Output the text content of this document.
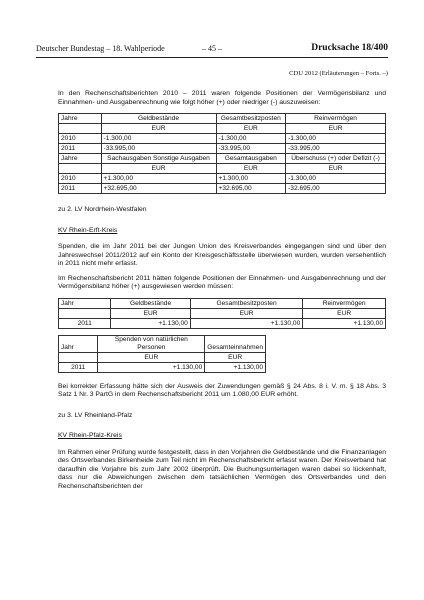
Deutscher Bundestag – 18. Wahlperiode	– 45 –	Drucksache 18/400
CDU 2012 (Erläuterungen – Forts. –)

In den Rechenschaftsberichten 2010 – 2011 waren folgende Positionen der Vermögensbilanz und Einnahmen- und Ausgabenrechnung wie folgt höher (+) oder niedriger (-) auszuweisen:

Jahre	Geldbestände	Gesamtbesitzposten	Reinvermögen
	EUR	EUR	EUR
2010	-1.300,00	-1.300,00	-1.300,00
2011	-33.995,00	-33.995,00	-33.995,00
Jahre	Sachausgaben Sonstige Ausgaben	Gesamtausgaben	Überschuss (+) oder Defizit (-)
	EUR	EUR	EUR
2010	+1.300,00	+1.300,00	-1.300,00
2011	+32.695,00	+32.695,00	-32.695,00

zu 2. LV Nordrhein-Westfalen

KV Rhein-Erft-Kreis

Spenden, die im Jahr 2011 bei der Jungen Union des Kreisverbandes eingegangen sind und über den Jahreswechsel 2011/2012 auf ein Konto der Kreisgeschäftsstelle überwiesen wurden, wurden versehentlich in 2011 nicht mehr erfasst.

Im Rechenschaftsbericht 2011 hätten folgende Positionen der Einnahmen- und Ausgabenrechnung und der Vermögensbilanz höher (+) ausgewiesen werden müssen:

Jahr	Geldbestände	Gesamtbesitzposten	Reinvermögen
	EUR	EUR	EUR
2011	+1.130,00	+1.130,00	+1.130,00
Jahr	Spenden von natürlichen Personen	Gesamteinnahmen
	EUR	EUR
2011	+1.130,00	+1.130,00

Bei korrekter Erfassung hätte sich der Ausweis der Zuwendungen gemäß § 24 Abs. 8 i. V. m. § 18 Abs. 3 Satz 1 Nr. 3 PartG in dem Rechenschaftsbericht 2011 um 1.080,00 EUR erhöht.

zu 3. LV Rheinland-Pfalz

KV Rhein-Pfalz-Kreis

Im Rahmen einer Prüfung wurde festgestellt, dass in den Vorjahren die Geldbestände und die Finanzanlagen des Ortsverbandes Birkenheide zum Teil nicht im Rechenschaftsbericht erfasst waren. Der Kreisverband hat daraufhin die Vorjahre bis zum Jahr 2002 überprüft. Die Buchungsunterlagen waren dabei so lückenhaft, dass nur die Abweichungen zwischen dem tatsächlichen Vermögen des Ortsverbandes und den Rechenschaftsberichten der
